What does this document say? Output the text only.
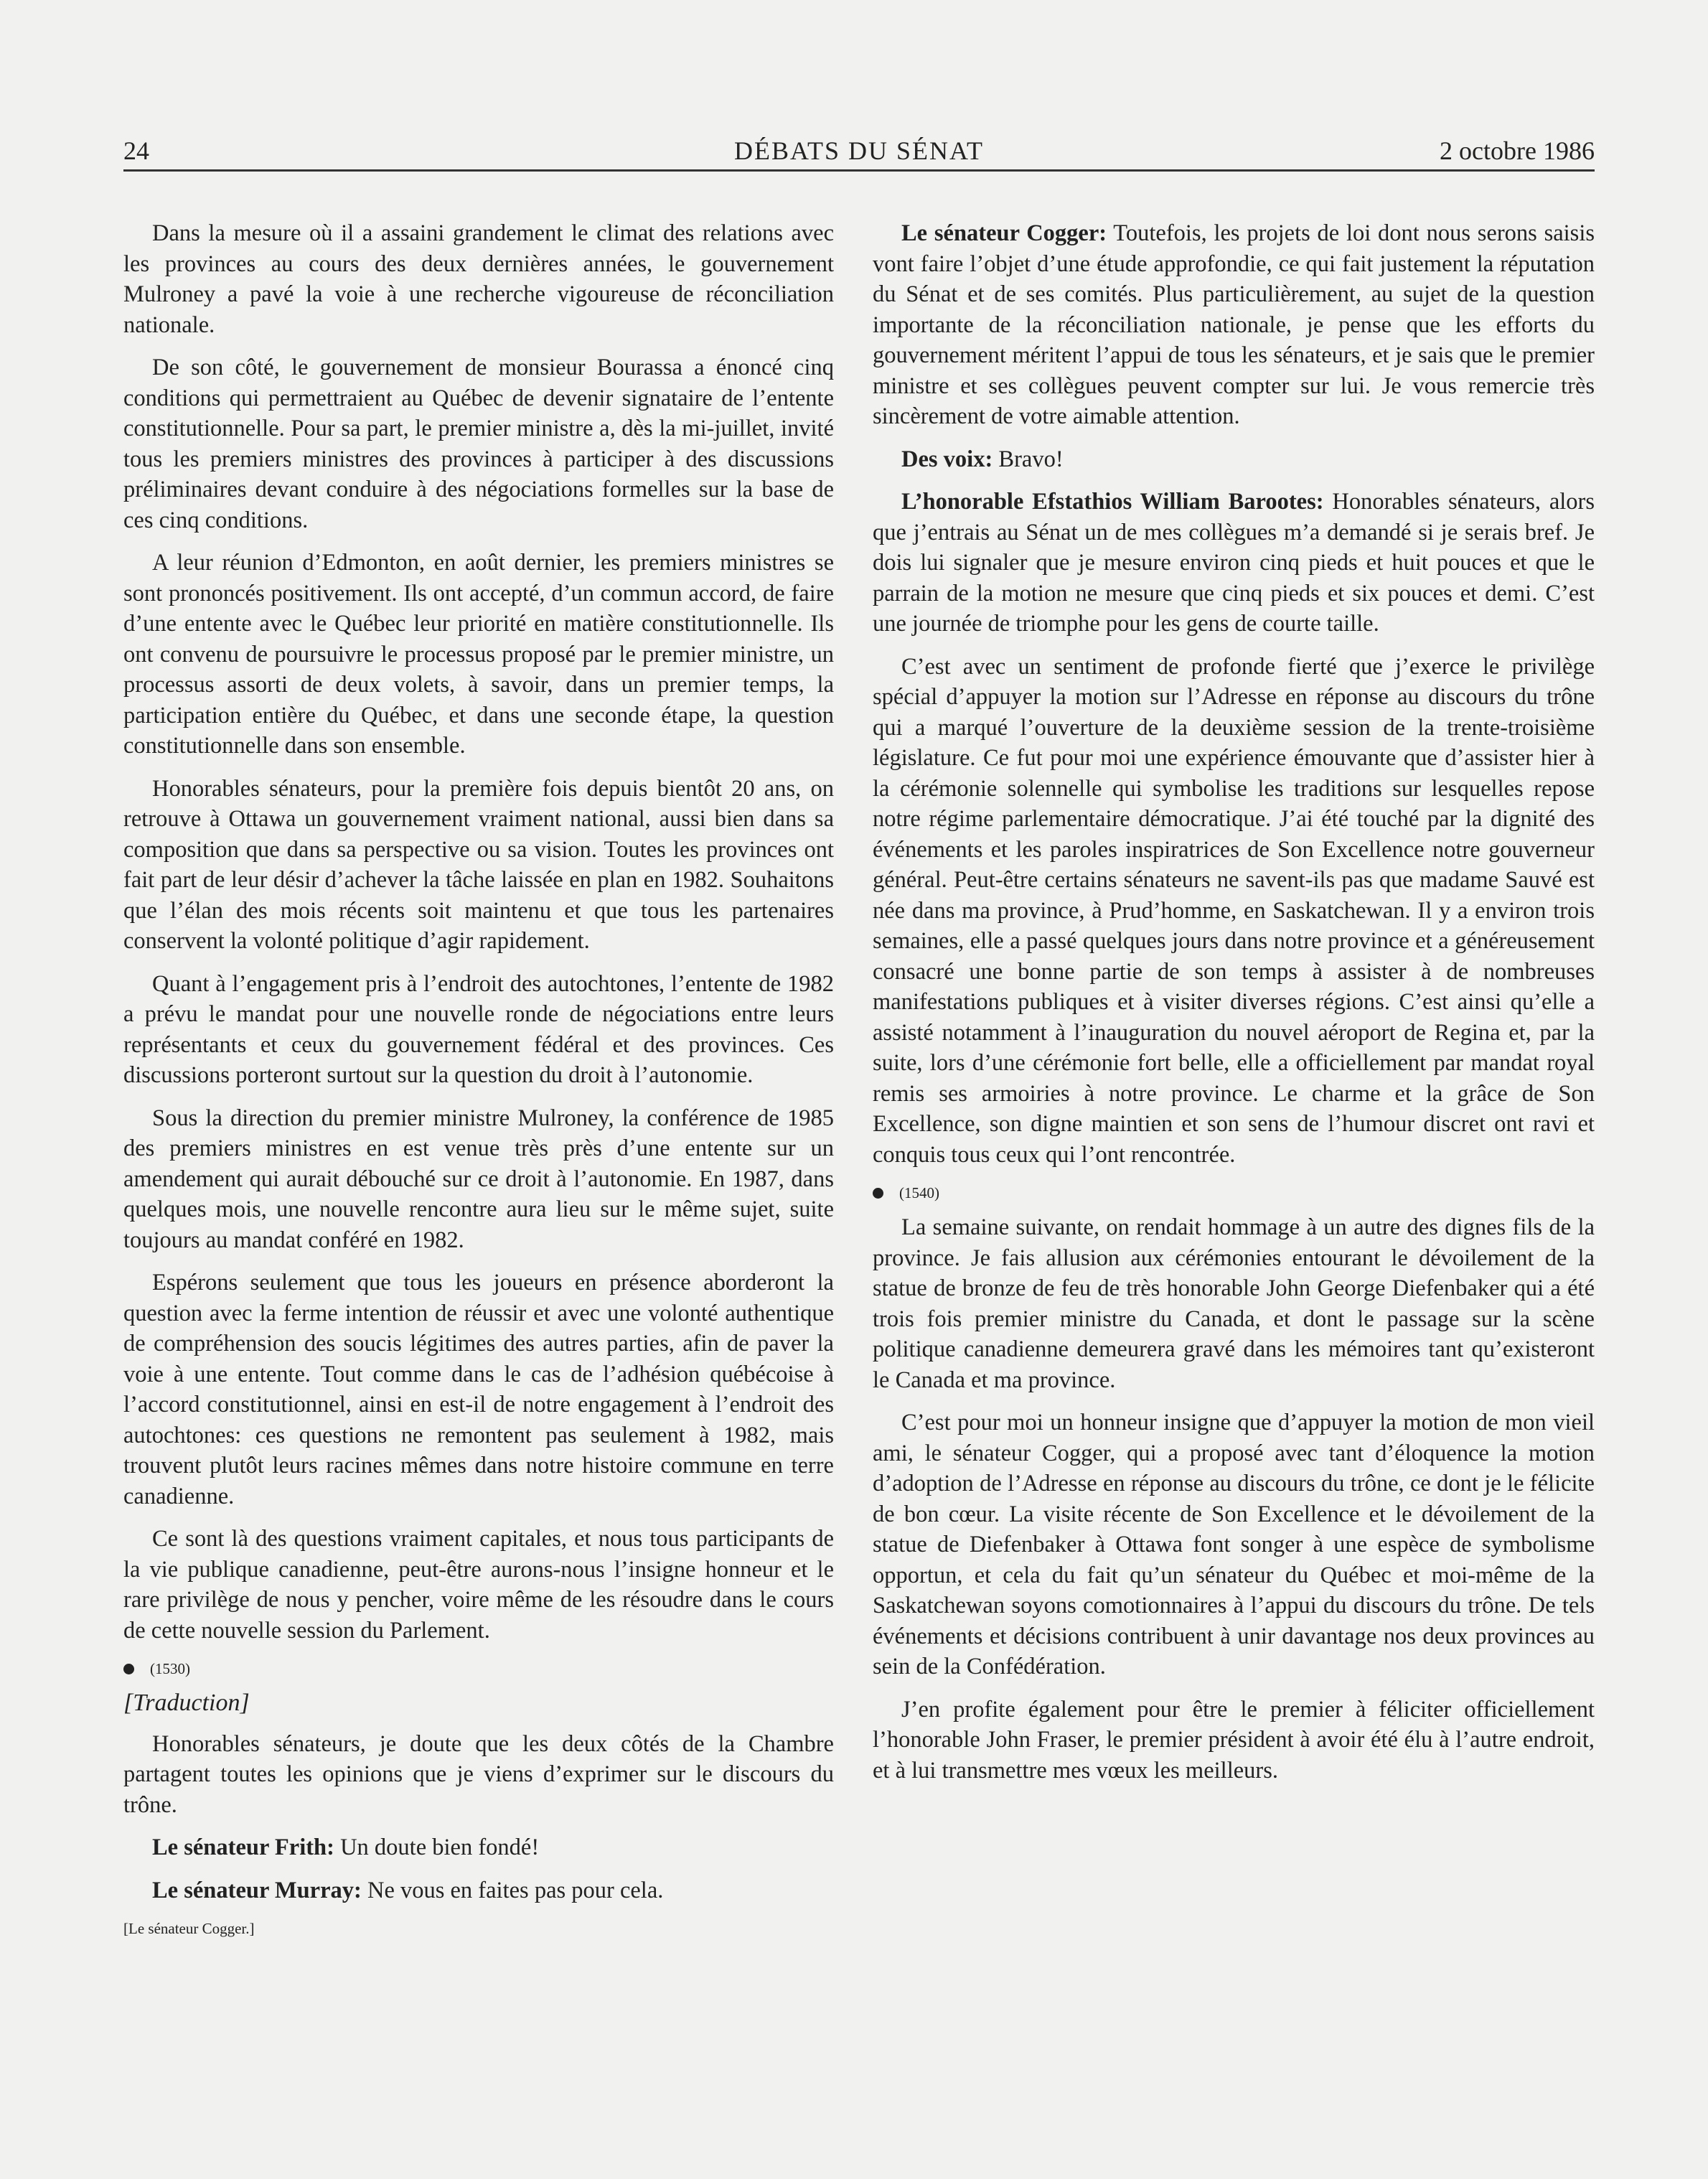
24	DÉBATS DU SÉNAT	2 octobre 1986

Dans la mesure où il a assaini grandement le climat des relations avec les provinces au cours des deux dernières années, le gouvernement Mulroney a pavé la voie à une recherche vigoureuse de réconciliation nationale.

De son côté, le gouvernement de monsieur Bourassa a énoncé cinq conditions qui permettraient au Québec de devenir signataire de l’entente constitutionnelle. Pour sa part, le premier ministre a, dès la mi-juillet, invité tous les premiers ministres des provinces à participer à des discussions préliminaires devant conduire à des négociations formelles sur la base de ces cinq conditions.

A leur réunion d’Edmonton, en août dernier, les premiers ministres se sont prononcés positivement. Ils ont accepté, d’un commun accord, de faire d’une entente avec le Québec leur priorité en matière constitutionnelle. Ils ont convenu de poursuivre le processus proposé par le premier ministre, un processus assorti de deux volets, à savoir, dans un premier temps, la participation entière du Québec, et dans une seconde étape, la question constitutionnelle dans son ensemble.

Honorables sénateurs, pour la première fois depuis bientôt 20 ans, on retrouve à Ottawa un gouvernement vraiment national, aussi bien dans sa composition que dans sa perspective ou sa vision. Toutes les provinces ont fait part de leur désir d’achever la tâche laissée en plan en 1982. Souhaitons que l’élan des mois récents soit maintenu et que tous les partenaires conservent la volonté politique d’agir rapidement.

Quant à l’engagement pris à l’endroit des autochtones, l’entente de 1982 a prévu le mandat pour une nouvelle ronde de négociations entre leurs représentants et ceux du gouvernement fédéral et des provinces. Ces discussions porteront surtout sur la question du droit à l’autonomie.

Sous la direction du premier ministre Mulroney, la conférence de 1985 des premiers ministres en est venue très près d’une entente sur un amendement qui aurait débouché sur ce droit à l’autonomie. En 1987, dans quelques mois, une nouvelle rencontre aura lieu sur le même sujet, suite toujours au mandat conféré en 1982.

Espérons seulement que tous les joueurs en présence aborderont la question avec la ferme intention de réussir et avec une volonté authentique de compréhension des soucis légitimes des autres parties, afin de paver la voie à une entente. Tout comme dans le cas de l’adhésion québécoise à l’accord constitutionnel, ainsi en est-il de notre engagement à l’endroit des autochtones: ces questions ne remontent pas seulement à 1982, mais trouvent plutôt leurs racines mêmes dans notre histoire commune en terre canadienne.

Ce sont là des questions vraiment capitales, et nous tous participants de la vie publique canadienne, peut-être aurons-nous l’insigne honneur et le rare privilège de nous y pencher, voire même de les résoudre dans le cours de cette nouvelle session du Parlement.

(1530)
[Traduction]

Honorables sénateurs, je doute que les deux côtés de la Chambre partagent toutes les opinions que je viens d’exprimer sur le discours du trône.

Le sénateur Frith: Un doute bien fondé!

Le sénateur Murray: Ne vous en faites pas pour cela.

[Le sénateur Cogger.]

Le sénateur Cogger: Toutefois, les projets de loi dont nous serons saisis vont faire l’objet d’une étude approfondie, ce qui fait justement la réputation du Sénat et de ses comités. Plus particulièrement, au sujet de la question importante de la réconciliation nationale, je pense que les efforts du gouvernement méritent l’appui de tous les sénateurs, et je sais que le premier ministre et ses collègues peuvent compter sur lui. Je vous remercie très sincèrement de votre aimable attention.

Des voix: Bravo!

L’honorable Efstathios William Barootes: Honorables sénateurs, alors que j’entrais au Sénat un de mes collègues m’a demandé si je serais bref. Je dois lui signaler que je mesure environ cinq pieds et huit pouces et que le parrain de la motion ne mesure que cinq pieds et six pouces et demi. C’est une journée de triomphe pour les gens de courte taille.

C’est avec un sentiment de profonde fierté que j’exerce le privilège spécial d’appuyer la motion sur l’Adresse en réponse au discours du trône qui a marqué l’ouverture de la deuxième session de la trente-troisième législature. Ce fut pour moi une expérience émouvante que d’assister hier à la cérémonie solennelle qui symbolise les traditions sur lesquelles repose notre régime parlementaire démocratique. J’ai été touché par la dignité des événements et les paroles inspiratrices de Son Excellence notre gouverneur général. Peut-être certains sénateurs ne savent-ils pas que madame Sauvé est née dans ma province, à Prud’homme, en Saskatchewan. Il y a environ trois semaines, elle a passé quelques jours dans notre province et a généreusement consacré une bonne partie de son temps à assister à de nombreuses manifestations publiques et à visiter diverses régions. C’est ainsi qu’elle a assisté notamment à l’inauguration du nouvel aéroport de Regina et, par la suite, lors d’une cérémonie fort belle, elle a officiellement par mandat royal remis ses armoiries à notre province. Le charme et la grâce de Son Excellence, son digne maintien et son sens de l’humour discret ont ravi et conquis tous ceux qui l’ont rencontrée.

(1540)

La semaine suivante, on rendait hommage à un autre des dignes fils de la province. Je fais allusion aux cérémonies entourant le dévoilement de la statue de bronze de feu de très honorable John George Diefenbaker qui a été trois fois premier ministre du Canada, et dont le passage sur la scène politique canadienne demeurera gravé dans les mémoires tant qu’existeront le Canada et ma province.

C’est pour moi un honneur insigne que d’appuyer la motion de mon vieil ami, le sénateur Cogger, qui a proposé avec tant d’éloquence la motion d’adoption de l’Adresse en réponse au discours du trône, ce dont je le félicite de bon cœur. La visite récente de Son Excellence et le dévoilement de la statue de Diefenbaker à Ottawa font songer à une espèce de symbolisme opportun, et cela du fait qu’un sénateur du Québec et moi-même de la Saskatchewan soyons comotionnaires à l’appui du discours du trône. De tels événements et décisions contribuent à unir davantage nos deux provinces au sein de la Confédération.

J’en profite également pour être le premier à féliciter officiellement l’honorable John Fraser, le premier président à avoir été élu à l’autre endroit, et à lui transmettre mes vœux les meilleurs.
